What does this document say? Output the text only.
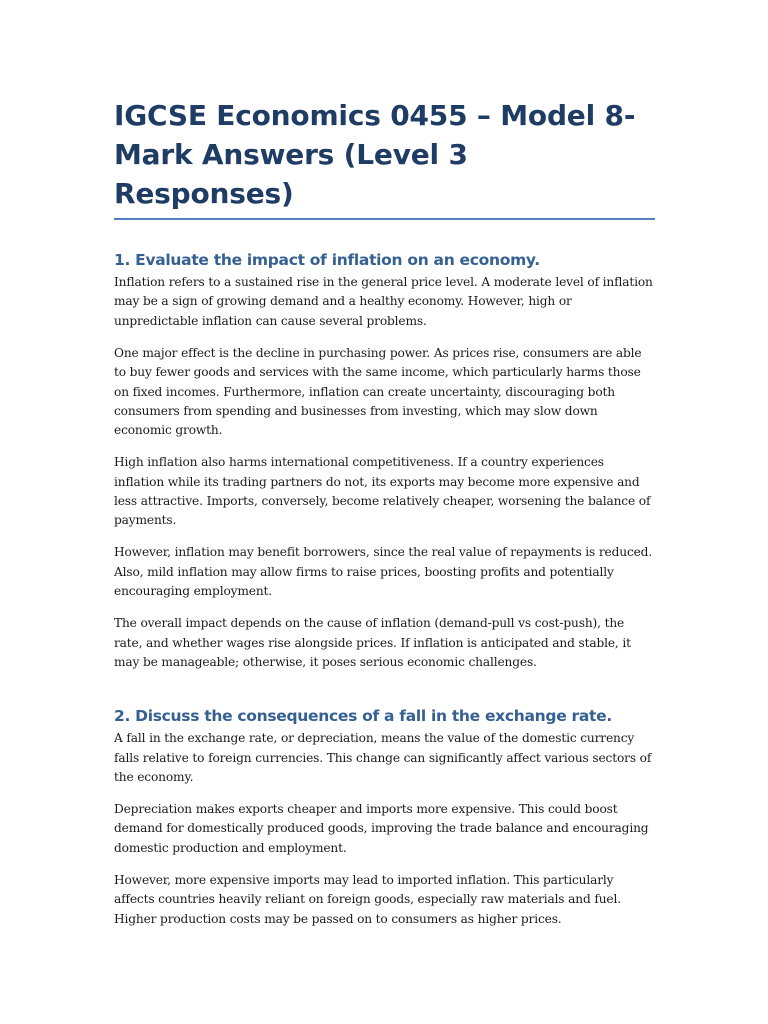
IGCSE Economics 0455 – Model 8-Mark Answers (Level 3 Responses)
1. Evaluate the impact of inflation on an economy.

Inflation refers to a sustained rise in the general price level. A moderate level of inflation may be a sign of growing demand and a healthy economy. However, high or unpredictable inflation can cause several problems.

One major effect is the decline in purchasing power. As prices rise, consumers are able to buy fewer goods and services with the same income, which particularly harms those on fixed incomes. Furthermore, inflation can create uncertainty, discouraging both consumers from spending and businesses from investing, which may slow down economic growth.

High inflation also harms international competitiveness. If a country experiences inflation while its trading partners do not, its exports may become more expensive and less attractive. Imports, conversely, become relatively cheaper, worsening the balance of payments.

However, inflation may benefit borrowers, since the real value of repayments is reduced. Also, mild inflation may allow firms to raise prices, boosting profits and potentially encouraging employment.

The overall impact depends on the cause of inflation (demand-pull vs cost-push), the rate, and whether wages rise alongside prices. If inflation is anticipated and stable, it may be manageable; otherwise, it poses serious economic challenges.

2. Discuss the consequences of a fall in the exchange rate.

A fall in the exchange rate, or depreciation, means the value of the domestic currency falls relative to foreign currencies. This change can significantly affect various sectors of the economy.

Depreciation makes exports cheaper and imports more expensive. This could boost demand for domestically produced goods, improving the trade balance and encouraging domestic production and employment.

However, more expensive imports may lead to imported inflation. This particularly affects countries heavily reliant on foreign goods, especially raw materials and fuel. Higher production costs may be passed on to consumers as higher prices.
